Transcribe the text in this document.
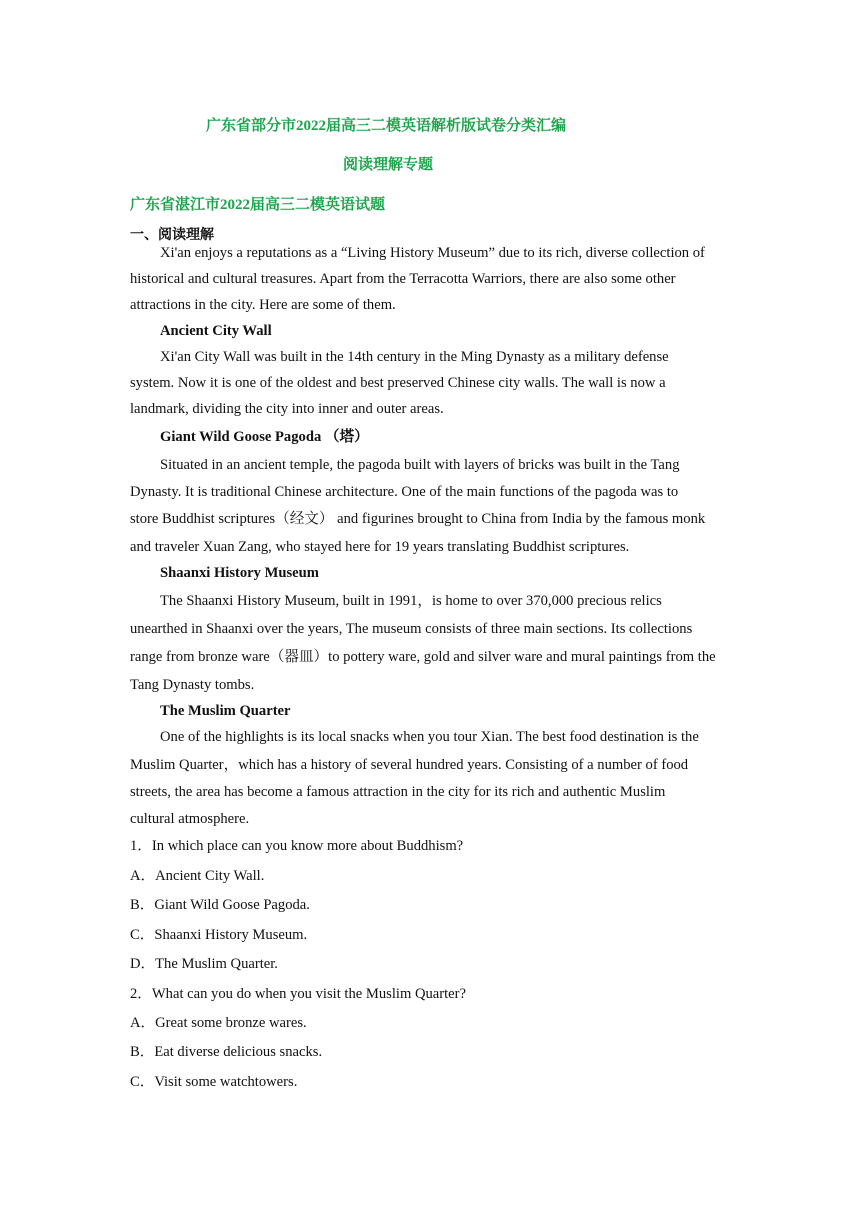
广东省部分市2022届高三二模英语解析版试卷分类汇编
阅读理解专题
广东省湛江市2022届高三二模英语试题
一、阅读理解
Xi'an enjoys a reputations as a “Living History Museum” due to its rich, diverse collection of
historical and cultural treasures. Apart from the Terracotta Warriors, there are also some other
attractions in the city. Here are some of them.
Ancient City Wall
Xi'an City Wall was built in the 14th century in the Ming Dynasty as a military defense
system. Now it is one of the oldest and best preserved Chinese city walls. The wall is now a
landmark, dividing the city into inner and outer areas.
Giant Wild Goose Pagoda （塔）
Situated in an ancient temple, the pagoda built with layers of bricks was built in the Tang
Dynasty. It is traditional Chinese architecture. One of the main functions of the pagoda was to
store Buddhist scriptures（经文） and figurines brought to China from India by the famous monk
and traveler Xuan Zang, who stayed here for 19 years translating Buddhist scriptures.
Shaanxi History Museum
The Shaanxi History Museum, built in 1991，is home to over 370,000 precious relics
unearthed in Shaanxi over the years, The museum consists of three main sections. Its collections
range from bronze ware（器皿）to pottery ware, gold and silver ware and mural paintings from the
Tang Dynasty tombs.
The Muslim Quarter
One of the highlights is its local snacks when you tour Xian. The best food destination is the
Muslim Quarter，which has a history of several hundred years. Consisting of a number of food
streets, the area has become a famous attraction in the city for its rich and authentic Muslim
cultural atmosphere.
1．In which place can you know more about Buddhism?
A．Ancient City Wall.
B．Giant Wild Goose Pagoda.
C．Shaanxi History Museum.
D．The Muslim Quarter.
2．What can you do when you visit the Muslim Quarter?
A．Great some bronze wares.
B．Eat diverse delicious snacks.
C．Visit some watchtowers.
